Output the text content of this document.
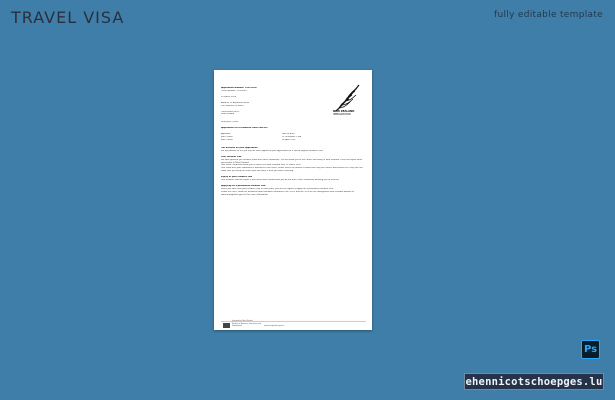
TRAVEL VISA	fully editable template
NEW ZEALAND
IMMIGRATION
Application Number: 1900 0000
Client Number: 11505001
10 March 2024
Address 12 Anywhere Street
100 Southern St North
Christchurch 8012
New Zealand
Dear Jane Citizen
Application for a residence class visa for:
Applicant	Date of birth
John Citizen	13 December 1988
Jane Citizen	14 April 1992
Our decision on your application
We are pleased to tell you that we have approved your application for a Skilled Migrant Resident Visa.
Your resident visa
We have granted you resident visas with travel conditions. This will allow you to live, work, and study in New Zealand. It will not expire while you remain in New Zealand.
Your travel conditions allow you to travel into New Zealand until 12 March 2025.
Your visas with your conditions is attached to this letter. Please check the details to make sure they are correct and contact us if they are not.
Make sure you keep this letter safe and carry it with you when traveling.
Expiry of your resident visa
Your resident visa will expire if you leave New Zealand and you do not have travel conditions allowing you to re-enter.
Applying for a permanent resident visa
When you have held your resident visa for two years, you will be eligible to apply for a permanent resident visa.
Please see INZ's Guide for Residents and Permanent Residents (INZ 1010) and INZ 1074 on the Immigration New Zealand website at www.immigration.govt.nz for more information.
Immigration New Zealand
Ministry of Business, Innovation and Employment	www.immigration.govt.nz
Ps
ehennicotschoepges.lu
